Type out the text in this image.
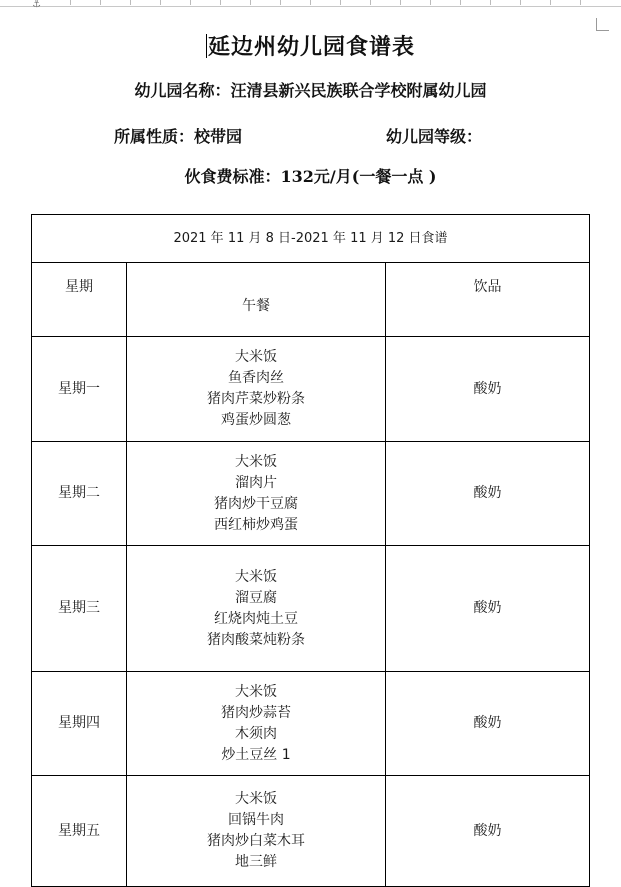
⚓
延边州幼儿园食谱表
幼儿园名称：汪清县新兴民族联合学校附属幼儿园
所属性质：校带园	幼儿园等级：
伙食费标准：132元/月(一餐一点 )
2021 年 11 月 8 日-2021 年 11 月 12 日食谱		
星期	午餐	饮品
星期一	大米饭
鱼香肉丝
猪肉芹菜炒粉条
鸡蛋炒圆葱	酸奶
星期二	大米饭
溜肉片
猪肉炒干豆腐
西红柿炒鸡蛋	酸奶
星期三	大米饭
溜豆腐
红烧肉炖土豆
猪肉酸菜炖粉条	酸奶
星期四	大米饭
猪肉炒蒜苔
木须肉
炒土豆丝 1	酸奶
星期五	大米饭
回锅牛肉
猪肉炒白菜木耳
地三鲜	酸奶
